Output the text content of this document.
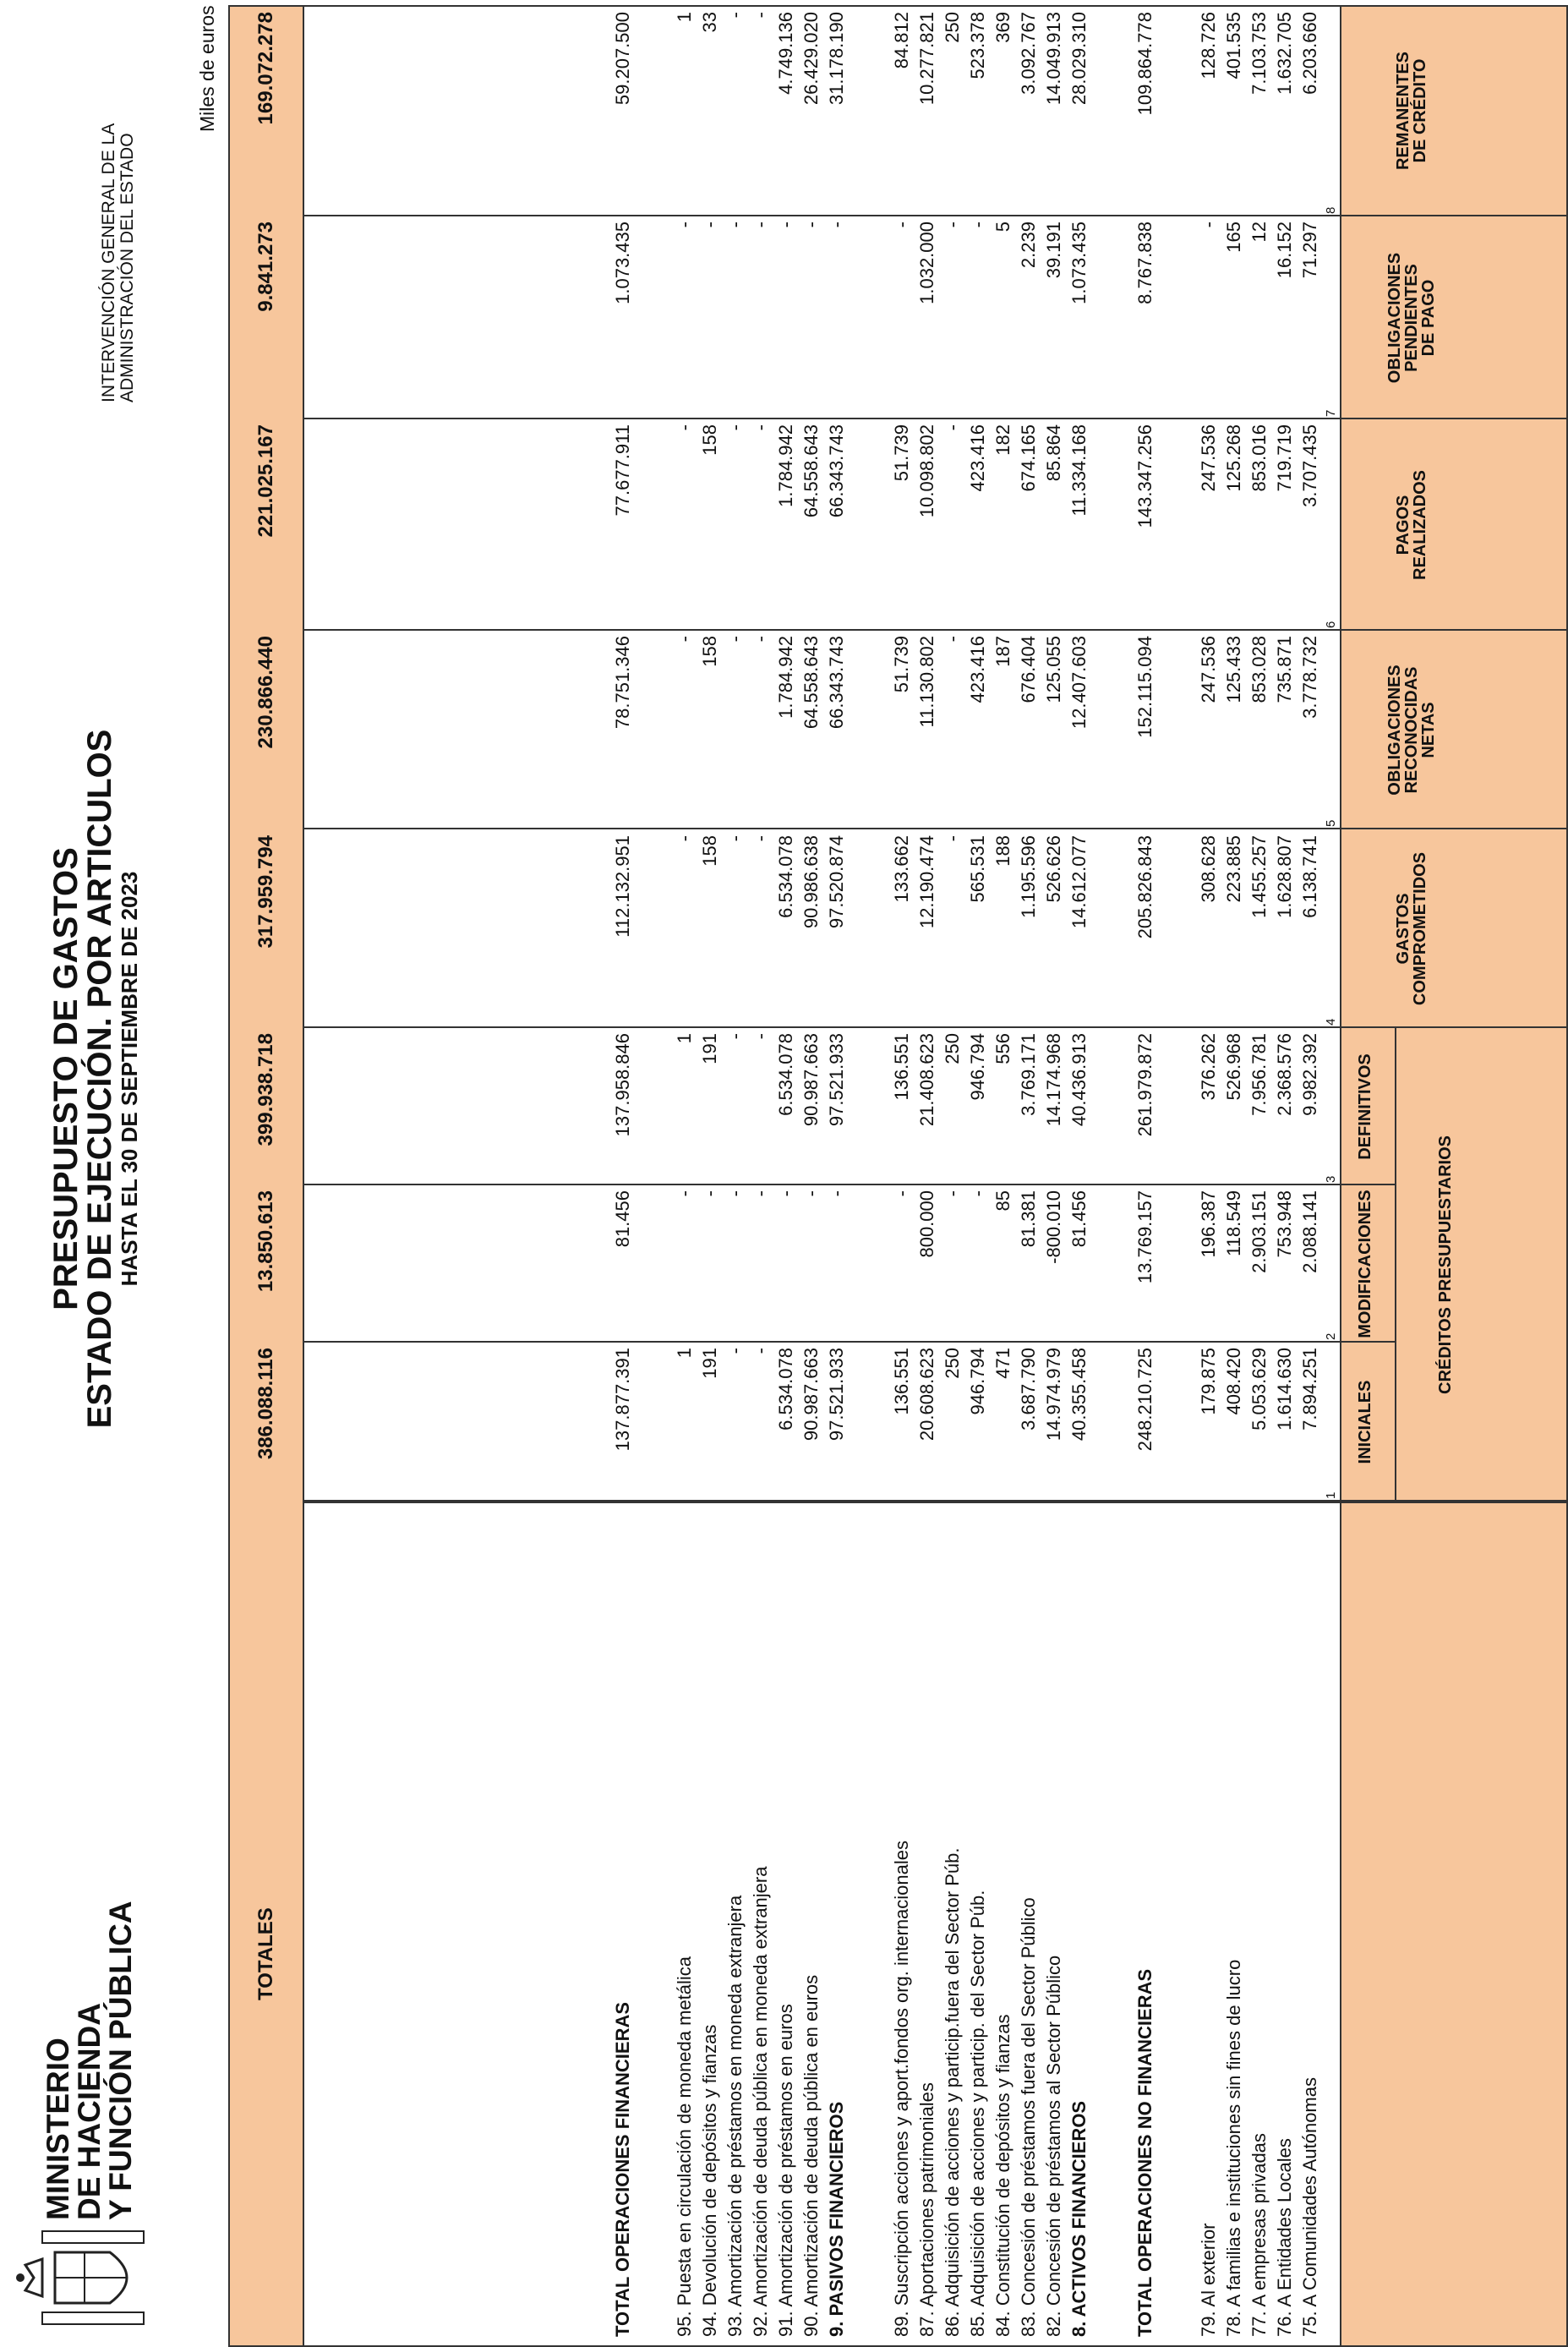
MINISTERIO
DE HACIENDA
Y FUNCIÓN PÚBLICA
PRESUPUESTO DE GASTOS
ESTADO DE EJECUCIÓN. POR ARTICULOS
HASTA EL 30 DE SEPTIEMBRE DE 2023
INTERVENCIÓN GENERAL DE LA ADMINISTRACIÓN DEL ESTADO
Miles de euros
CRÉDITOS PRESUPUESTARIOS
INICIALES
MODIFICACIONES
DEFINITIVOS
GASTOS
COMPROMETIDOS
OBLIGACIONES
RECONOCIDAS
NETAS
PAGOS
REALIZADOS
OBLIGACIONES
PENDIENTES
DE PAGO
REMANENTES
DE CRÉDITO
1
2
3
4
5
6
7
8
75. A Comunidades Autónomas
7.894.251
2.088.141
9.982.392
6.138.741
3.778.732
3.707.435
71.297
6.203.660
76. A Entidades Locales
1.614.630
753.948
2.368.576
1.628.807
735.871
719.719
16.152
1.632.705
77. A empresas privadas
5.053.629
2.903.151
7.956.781
1.455.257
853.028
853.016
12
7.103.753
78. A familias e instituciones sin fines de lucro
408.420
118.549
526.968
223.885
125.433
125.268
165
401.535
79. Al exterior
179.875
196.387
376.262
308.628
247.536
247.536
-
128.726
TOTAL OPERACIONES NO FINANCIERAS
248.210.725
13.769.157
261.979.872
205.826.843
152.115.094
143.347.256
8.767.838
109.864.778
8. ACTIVOS FINANCIEROS
40.355.458
81.456
40.436.913
14.612.077
12.407.603
11.334.168
1.073.435
28.029.310
82. Concesión de préstamos al Sector Público
14.974.979
-800.010
14.174.968
526.626
125.055
85.864
39.191
14.049.913
83. Concesión de préstamos fuera del Sector Público
3.687.790
81.381
3.769.171
1.195.596
676.404
674.165
2.239
3.092.767
84. Constitución de depósitos y fianzas
471
85
556
188
187
182
5
369
85. Adquisición de acciones y particip. del Sector Púb.
946.794
-
946.794
565.531
423.416
423.416
-
523.378
86. Adquisición de acciones y particip.fuera del Sector Púb.
250
-
250
-
-
-
-
250
87. Aportaciones patrimoniales
20.608.623
800.000
21.408.623
12.190.474
11.130.802
10.098.802
1.032.000
10.277.821
89. Suscripción acciones y aport.fondos org. internacionales
136.551
-
136.551
133.662
51.739
51.739
-
84.812
9. PASIVOS FINANCIEROS
97.521.933
-
97.521.933
97.520.874
66.343.743
66.343.743
-
31.178.190
90. Amortización de deuda pública en euros
90.987.663
-
90.987.663
90.986.638
64.558.643
64.558.643
-
26.429.020
91. Amortización de préstamos en euros
6.534.078
-
6.534.078
6.534.078
1.784.942
1.784.942
-
4.749.136
92. Amortización de deuda pública en moneda extranjera
-
-
-
-
-
-
-
-
93. Amortización de préstamos en moneda extranjera
-
-
-
-
-
-
-
-
94. Devolución de depósitos y fianzas
191
-
191
158
158
158
-
33
95. Puesta en circulación de moneda metálica
1
-
1
-
-
-
-
1
TOTAL OPERACIONES FINANCIERAS
137.877.391
81.456
137.958.846
112.132.951
78.751.346
77.677.911
1.073.435
59.207.500
TOTALES
386.088.116
13.850.613
399.938.718
317.959.794
230.866.440
221.025.167
9.841.273
169.072.278
